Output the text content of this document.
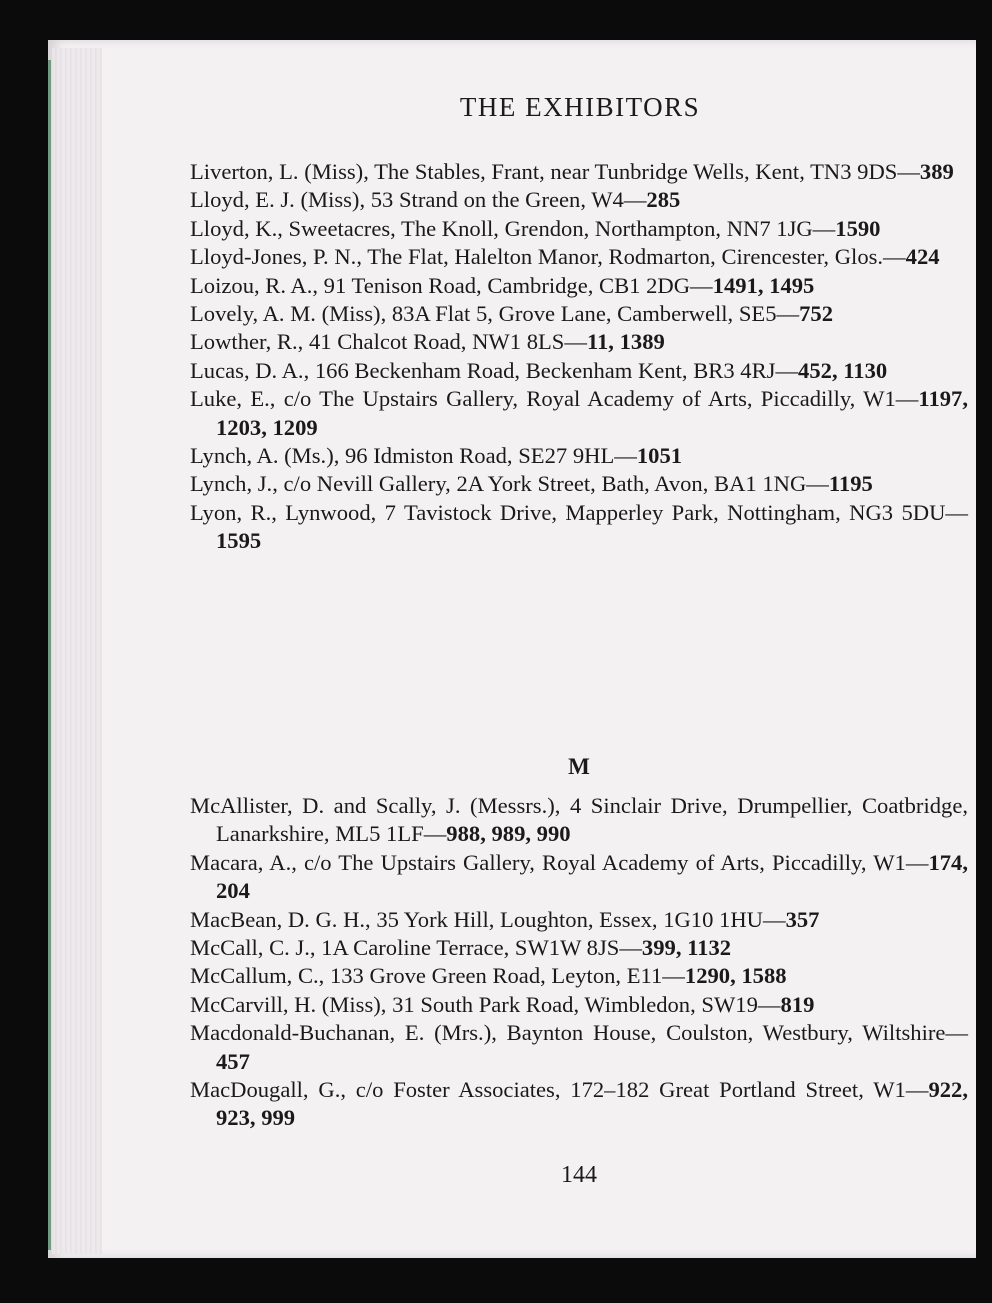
THE EXHIBITORS
Liverton, L. (Miss), The Stables, Frant, near Tunbridge Wells, Kent, TN3 9DS—389
Lloyd, E. J. (Miss), 53 Strand on the Green, W4—285
Lloyd, K., Sweetacres, The Knoll, Grendon, Northampton, NN7 1JG—1590
Lloyd-Jones, P. N., The Flat, Halelton Manor, Rodmarton, Cirencester, Glos.—424
Loizou, R. A., 91 Tenison Road, Cambridge, CB1 2DG—1491, 1495
Lovely, A. M. (Miss), 83A Flat 5, Grove Lane, Camberwell, SE5—752
Lowther, R., 41 Chalcot Road, NW1 8LS—11, 1389
Lucas, D. A., 166 Beckenham Road, Beckenham Kent, BR3 4RJ—452, 1130
Luke, E., c/o The Upstairs Gallery, Royal Academy of Arts, Piccadilly, W1—1197, 1203, 1209
Lynch, A. (Ms.), 96 Idmiston Road, SE27 9HL—1051
Lynch, J., c/o Nevill Gallery, 2A York Street, Bath, Avon, BA1 1NG—1195
Lyon, R., Lynwood, 7 Tavistock Drive, Mapperley Park, Nottingham, NG3 5DU—1595
M
McAllister, D. and Scally, J. (Messrs.), 4 Sinclair Drive, Drumpellier, Coatbridge, Lanarkshire, ML5 1LF—988, 989, 990
Macara, A., c/o The Upstairs Gallery, Royal Academy of Arts, Piccadilly, W1—174, 204
MacBean, D. G. H., 35 York Hill, Loughton, Essex, 1G10 1HU—357
McCall, C. J., 1A Caroline Terrace, SW1W 8JS—399, 1132
McCallum, C., 133 Grove Green Road, Leyton, E11—1290, 1588
McCarvill, H. (Miss), 31 South Park Road, Wimbledon, SW19—819
Macdonald-Buchanan, E. (Mrs.), Baynton House, Coulston, Westbury, Wiltshire—457
MacDougall, G., c/o Foster Associates, 172–182 Great Portland Street, W1—922, 923, 999
144
